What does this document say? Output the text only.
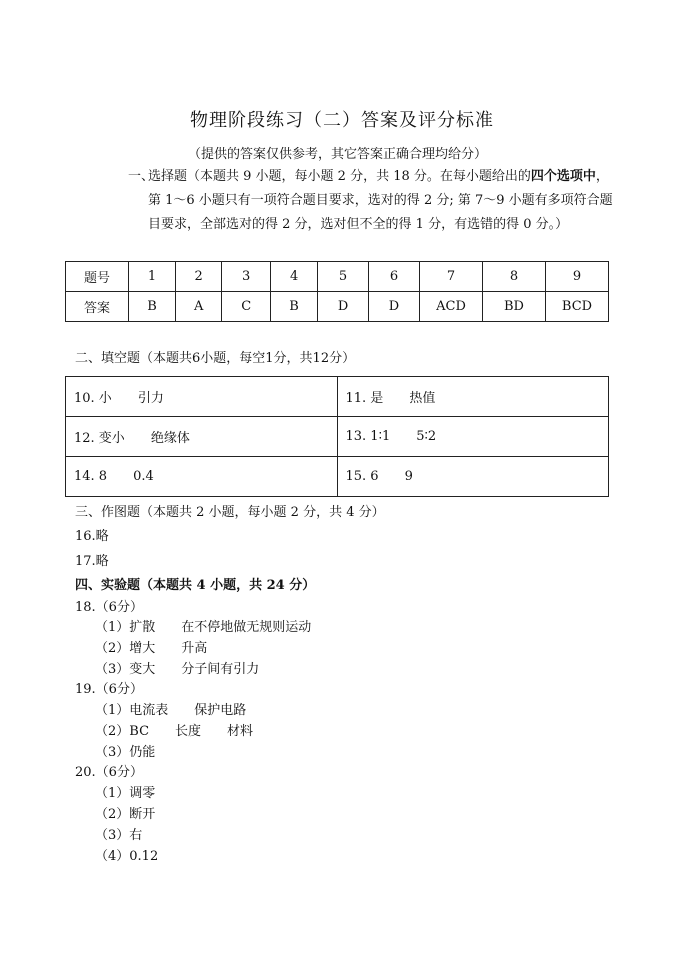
物理阶段练习（二）答案及评分标准
（提供的答案仅供参考，其它答案正确合理均给分）
一、
选择题（本题共 9 小题，每小题 2 分，共 18 分。在每小题给出的四个选项中，第 1～6 小题只有一项符合题目要求，选对的得 2 分; 第 7～9 小题有多项符合题目要求，全部选对的得 2 分，选对但不全的得 1 分，有选错的得 0 分。）
题号	1	2	3	4	5	6	7	8	9
答案	B	A	C	B	D	D	ACD	BD	BCD
二、填空题（本题共6小题，每空1分，共12分）
10. 小 引力	11. 是 热值
12. 变小 绝缘体	13. 1∶1 5∶2
14. 8 0.4	15. 6 9
三、作图题（本题共 2 小题，每小题 2 分，共 4 分）
16.略
17.略
四、实验题（本题共 4 小题，共 24 分）
18.（6分）
（1）扩散 在不停地做无规则运动
（2）增大 升高
（3）变大 分子间有引力
19.（6分）
（1）电流表 保护电路
（2）BC 长度 材料
（3）仍能
20.（6分）
（1）调零
（2）断开
（3）右
（4）0.12
